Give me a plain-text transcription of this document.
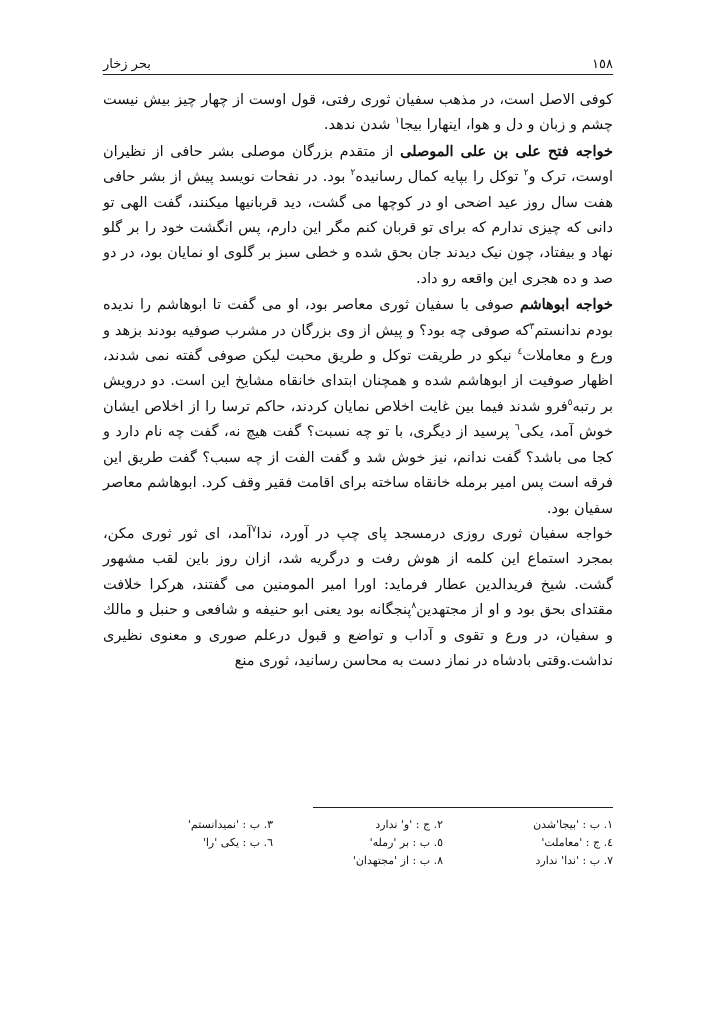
١٥٨
بحر زخار

کوفی الاصل است، در مذهب سفیان ثوری رفتی، قول اوست از چهار چیز بیش نیست چشم و زبان و دل و هوا، اینهارا بیجا$^١$ شدن ندهد.

خواجه فتح علی بن علی الموصلی از متقدم بزرگان موصلی بشر حافی از نظیران اوست، ترک و$^٢$ توکل را بپایه کمال رسانیده$^٢$ بود. در نفحات نویسد پیش از بشر حافی هفت سال روز عید اضحی او در کوچها می گشت، دید قربانیها میکنند، گفت الهی تو دانی که چیزی ندارم که برای تو قربان کنم مگر این دارم، پس انگشت خود را بر گلو نهاد و بیفتاد، چون نیک دیدند جان بحق شده و خطی سبز بر گلوی او نمایان بود، در دو صد و ده هجری این واقعه رو داد.

خواجه ابوهاشم صوفی با سفیان ثوری معاصر بود، او می گفت تا ابوهاشم را ندیده بودم ندانستم$^٣$که صوفی چه بود؟ و پیش از وی بزرگان در مشرب صوفیه بودند بزهد و ورع و معاملات$^٤$ نیکو در طریقت توکل و طریق محبت لیکن صوفی گفته نمی شدند، اظهار صوفیت از ابوهاشم شده و همچنان ابتدای خانقاه مشایخ این است. دو درویش بر رتبه$^٥$فرو شدند فیما بین غایت اخلاص نمایان کردند، حاکم ترسا را از اخلاص ایشان خوش آمد، یکی$^٦$ پرسید از دیگری، با تو چه نسبت؟ گفت هیچ نه، گفت چه نام دارد و کجا می باشد؟ گفت ندانم، نیز خوش شد و گفت الفت از چه سبب؟ گفت طریق این فرقه است پس امیر برمله خانقاه ساخته برای اقامت فقیر وقف کرد. ابوهاشم معاصر سفیان بود.

خواجه سفیان ثوری روزی درمسجد پای چپ در آورد، ندا$^٧$آمد، ای ثور ثوری مکن، بمجرد استماع این کلمه از هوش رفت و درگریه شد، ازان روز باین لقب مشهور گشت. شیخ فریدالدین عطار فرماید: اورا امیر المومنین می گفتند، هرکرا خلافت مقتدای بحق بود و او از مجتهدین$^٨$پنجگانه بود یعنی ابو حنیفه و شافعی و حنبل و مالك و سفیان، در ورع و تقوی و آداب و تواضع و قبول درعلم صوری و معنوی نظیری نداشت.وقتی بادشاه در نماز دست به محاسن رسانید، ثوری منع

١. ب : 'بیجا'شدن
٢. ج : 'و' ندارد
٣. ب : 'نمیدانستم'
٤. ج : 'معاملت'
٥. ب : بر 'رمله'
٦. ب : یکی 'را'
٧. ب : 'ندا' ندارد
٨. ب : از 'مجتهدان'
